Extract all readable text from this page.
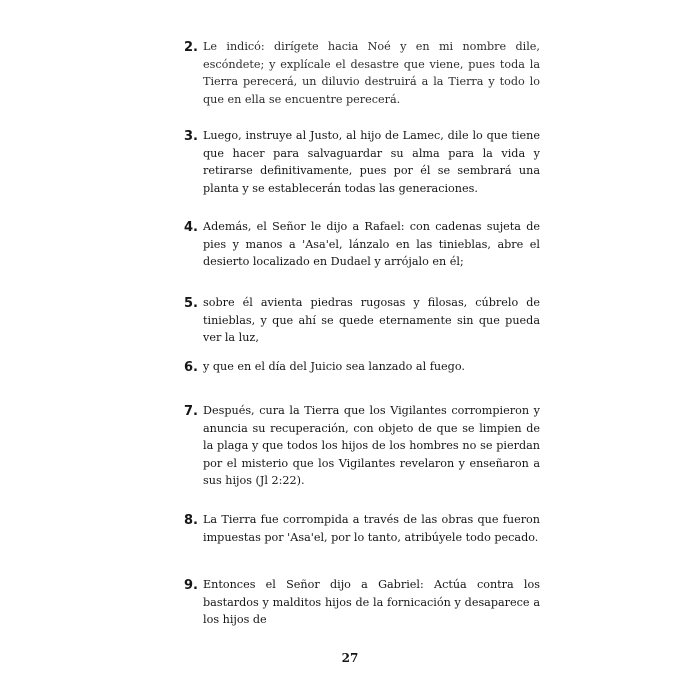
2. Le indicó: dirígete hacia Noé y en mi nombre dile, escóndete; y explícale el desastre que viene, pues toda la Tierra perecerá, un diluvio destruirá a la Tierra y todo lo que en ella se encuentre perecerá.
3. Luego, instruye al Justo, al hijo de Lamec, dile lo que tiene que hacer para salvaguardar su alma para la vida y retirarse definitivamente, pues por él se sembrará una planta y se establecerán todas las generaciones.
4. Además, el Señor le dijo a Rafael: con cadenas sujeta de pies y manos a 'Asa'el, lánzalo en las tinieblas, abre el desierto localizado en Dudael y arrójalo en él;
5. sobre él avienta piedras rugosas y filosas, cúbrelo de tinieblas, y que ahí se quede eternamente sin que pueda ver la luz,
6. y que en el día del Juicio sea lanzado al fuego.
7. Después, cura la Tierra que los Vigilantes corrompieron y anuncia su recuperación, con objeto de que se limpien de la plaga y que todos los hijos de los hombres no se pierdan por el misterio que los Vigilantes revelaron y enseñaron a sus hijos (Jl 2:22).
8. La Tierra fue corrompida a través de las obras que fueron impuestas por 'Asa'el, por lo tanto, atribúyele todo pecado.
9. Entonces el Señor dijo a Gabriel: Actúa contra los bastardos y malditos hijos de la fornicación y desaparece a los hijos de
27
